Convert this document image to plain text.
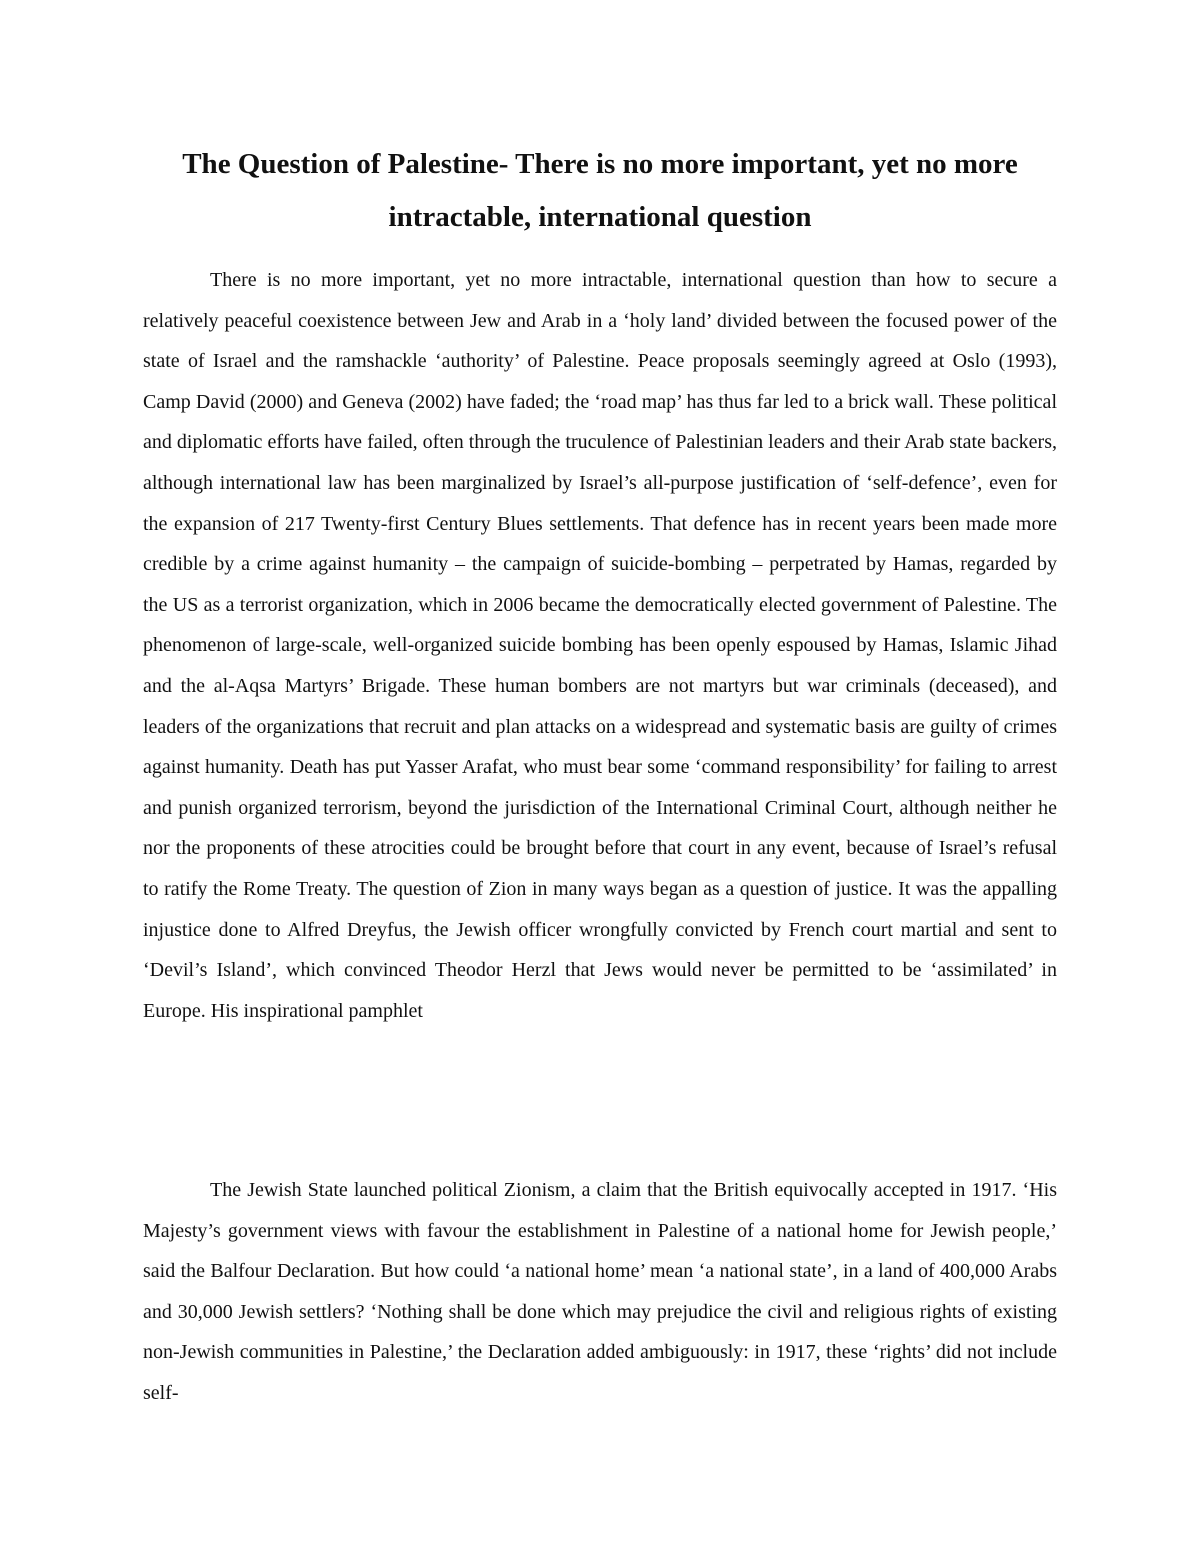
The Question of Palestine- There is no more important, yet no more intractable, international question

There is no more important, yet no more intractable, international question than how to secure a relatively peaceful coexistence between Jew and Arab in a ‘holy land’ divided between the focused power of the state of Israel and the ramshackle ‘authority’ of Palestine. Peace proposals seemingly agreed at Oslo (1993), Camp David (2000) and Geneva (2002) have faded; the ‘road map’ has thus far led to a brick wall. These political and diplomatic efforts have failed, often through the truculence of Palestinian leaders and their Arab state backers, although international law has been marginalized by Israel’s all-purpose justification of ‘self-defence’, even for the expansion of 217 Twenty-first Century Blues settlements. That defence has in recent years been made more credible by a crime against humanity – the campaign of suicide-bombing – perpetrated by Hamas, regarded by the US as a terrorist organization, which in 2006 became the democratically elected government of Palestine. The phenomenon of large-scale, well-organized suicide bombing has been openly espoused by Hamas, Islamic Jihad and the al-Aqsa Martyrs’ Brigade. These human bombers are not martyrs but war criminals (deceased), and leaders of the organizations that recruit and plan attacks on a widespread and systematic basis are guilty of crimes against humanity. Death has put Yasser Arafat, who must bear some ‘command responsibility’ for failing to arrest and punish organized terrorism, beyond the jurisdiction of the International Criminal Court, although neither he nor the proponents of these atrocities could be brought before that court in any event, because of Israel’s refusal to ratify the Rome Treaty. The question of Zion in many ways began as a question of justice. It was the appalling injustice done to Alfred Dreyfus, the Jewish officer wrongfully convicted by French court martial and sent to ‘Devil’s Island’, which convinced Theodor Herzl that Jews would never be permitted to be ‘assimilated’ in Europe. His inspirational pamphlet

The Jewish State launched political Zionism, a claim that the British equivocally accepted in 1917. ‘His Majesty’s government views with favour the establishment in Palestine of a national home for Jewish people,’ said the Balfour Declaration. But how could ‘a national home’ mean ‘a national state’, in a land of 400,000 Arabs and 30,000 Jewish settlers? ‘Nothing shall be done which may prejudice the civil and religious rights of existing non-Jewish communities in Palestine,’ the Declaration added ambiguously: in 1917, these ‘rights’ did not include self-
